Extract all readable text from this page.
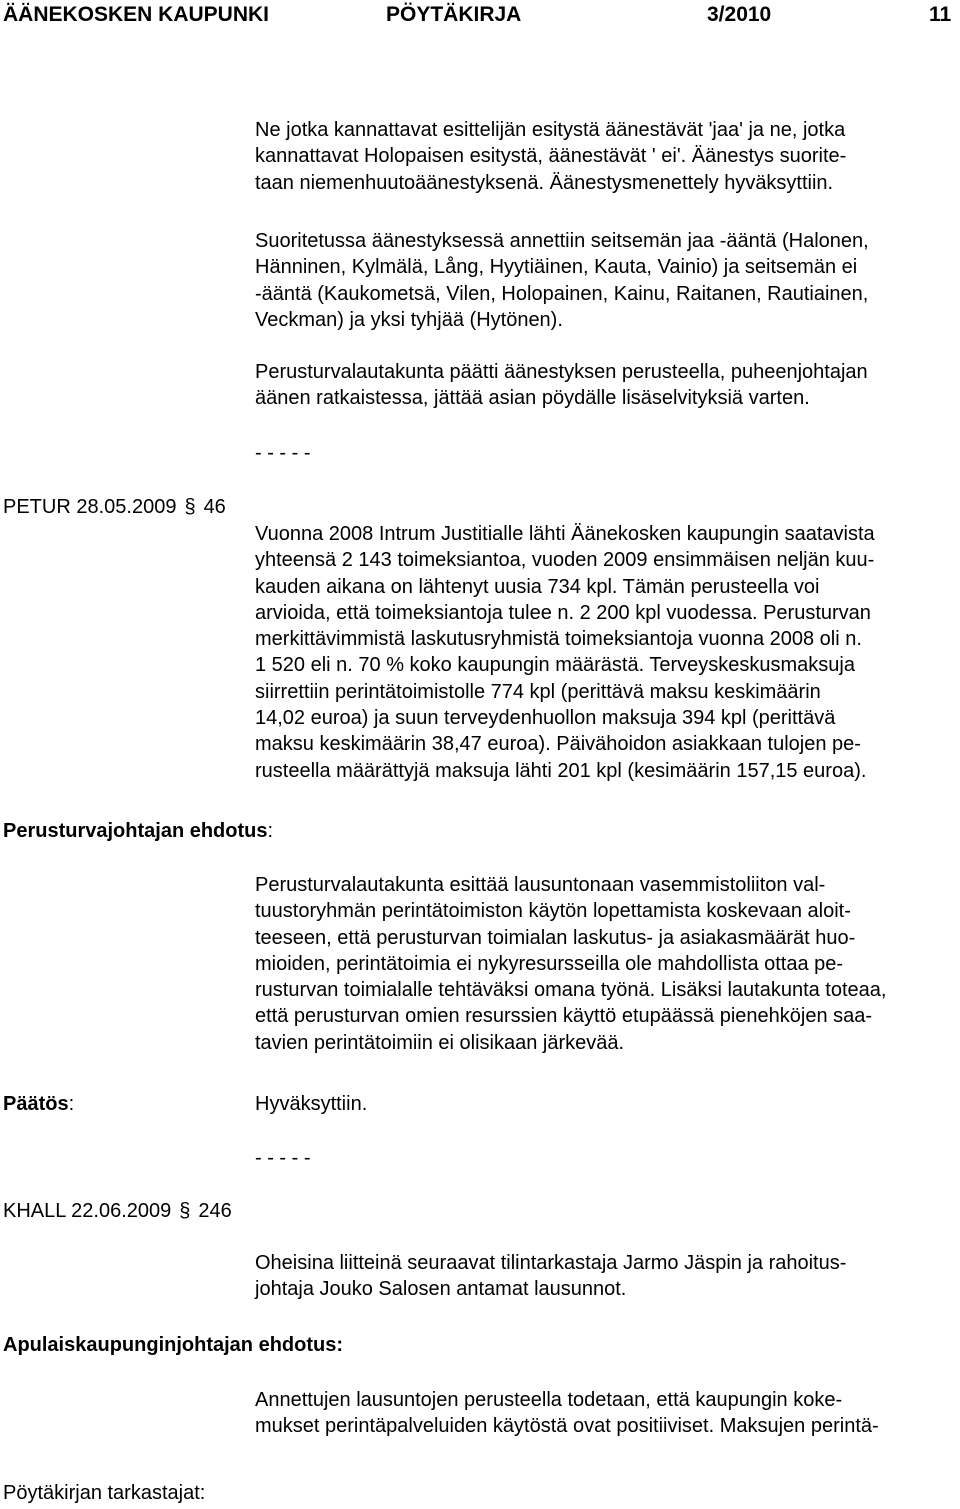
ÄÄNEKOSKEN KAUPUNKI	PÖYTÄKIRJA	3/2010	11
Ne jotka kannattavat esittelijän esitystä äänestävät 'jaa' ja ne, jotka
kannattavat Holopaisen esitystä, äänestävät ' ei'. Äänestys suorite-
taan niemenhuutoäänestyksenä. Äänestysmenettely hyväksyttiin.
Suoritetussa äänestyksessä annettiin seitsemän jaa -ääntä (Halonen,
Hänninen, Kylmälä, Lång, Hyytiäinen, Kauta, Vainio) ja seitsemän ei
-ääntä (Kaukometsä, Vilen, Holopainen, Kainu, Raitanen, Rautiainen,
Veckman) ja yksi tyhjää (Hytönen).
Perusturvalautakunta päätti äänestyksen perusteella, puheenjohtajan
äänen ratkaistessa, jättää asian pöydälle lisäselvityksiä varten.
- - - - -
PETUR 28.05.2009 § 46
Vuonna 2008 Intrum Justitialle lähti Äänekosken kaupungin saatavista
yhteensä 2 143 toimeksiantoa, vuoden 2009 ensimmäisen neljän kuu-
kauden aikana on lähtenyt uusia 734 kpl. Tämän perusteella voi
arvioida, että toimeksiantoja tulee n. 2 200 kpl vuodessa. Perusturvan
merkittävimmistä laskutusryhmistä toimeksiantoja vuonna 2008 oli n.
1 520 eli n. 70 % koko kaupungin määrästä. Terveyskeskusmaksuja
siirrettiin perintätoimistolle 774 kpl (perittävä maksu keskimäärin
14,02 euroa) ja suun terveydenhuollon maksuja 394 kpl (perittävä
maksu keskimäärin 38,47 euroa). Päivähoidon asiakkaan tulojen pe-
rusteella määrättyjä maksuja lähti 201 kpl (kesimäärin 157,15 euroa).
Perusturvajohtajan ehdotus:
Perusturvalautakunta esittää lausuntonaan vasemmistoliiton val-
tuustoryhmän perintätoimiston käytön lopettamista koskevaan aloit-
teeseen, että perusturvan toimialan laskutus- ja asiakasmäärät huo-
mioiden, perintätoimia ei nykyresursseilla ole mahdollista ottaa pe-
rusturvan toimialalle tehtäväksi omana työnä. Lisäksi lautakunta toteaa,
että perusturvan omien resurssien käyttö etupäässä pienehköjen saa-
tavien perintätoimiin ei olisikaan järkevää.
Päätös:	Hyväksyttiin.
- - - - -
KHALL 22.06.2009 § 246
Oheisina liitteinä seuraavat tilintarkastaja Jarmo Jäspin ja rahoitus-
johtaja Jouko Salosen antamat lausunnot.
Apulaiskaupunginjohtajan ehdotus:
Annettujen lausuntojen perusteella todetaan, että kaupungin koke-
mukset perintäpalveluiden käytöstä ovat positiiviset. Maksujen perintä-
Pöytäkirjan tarkastajat:
